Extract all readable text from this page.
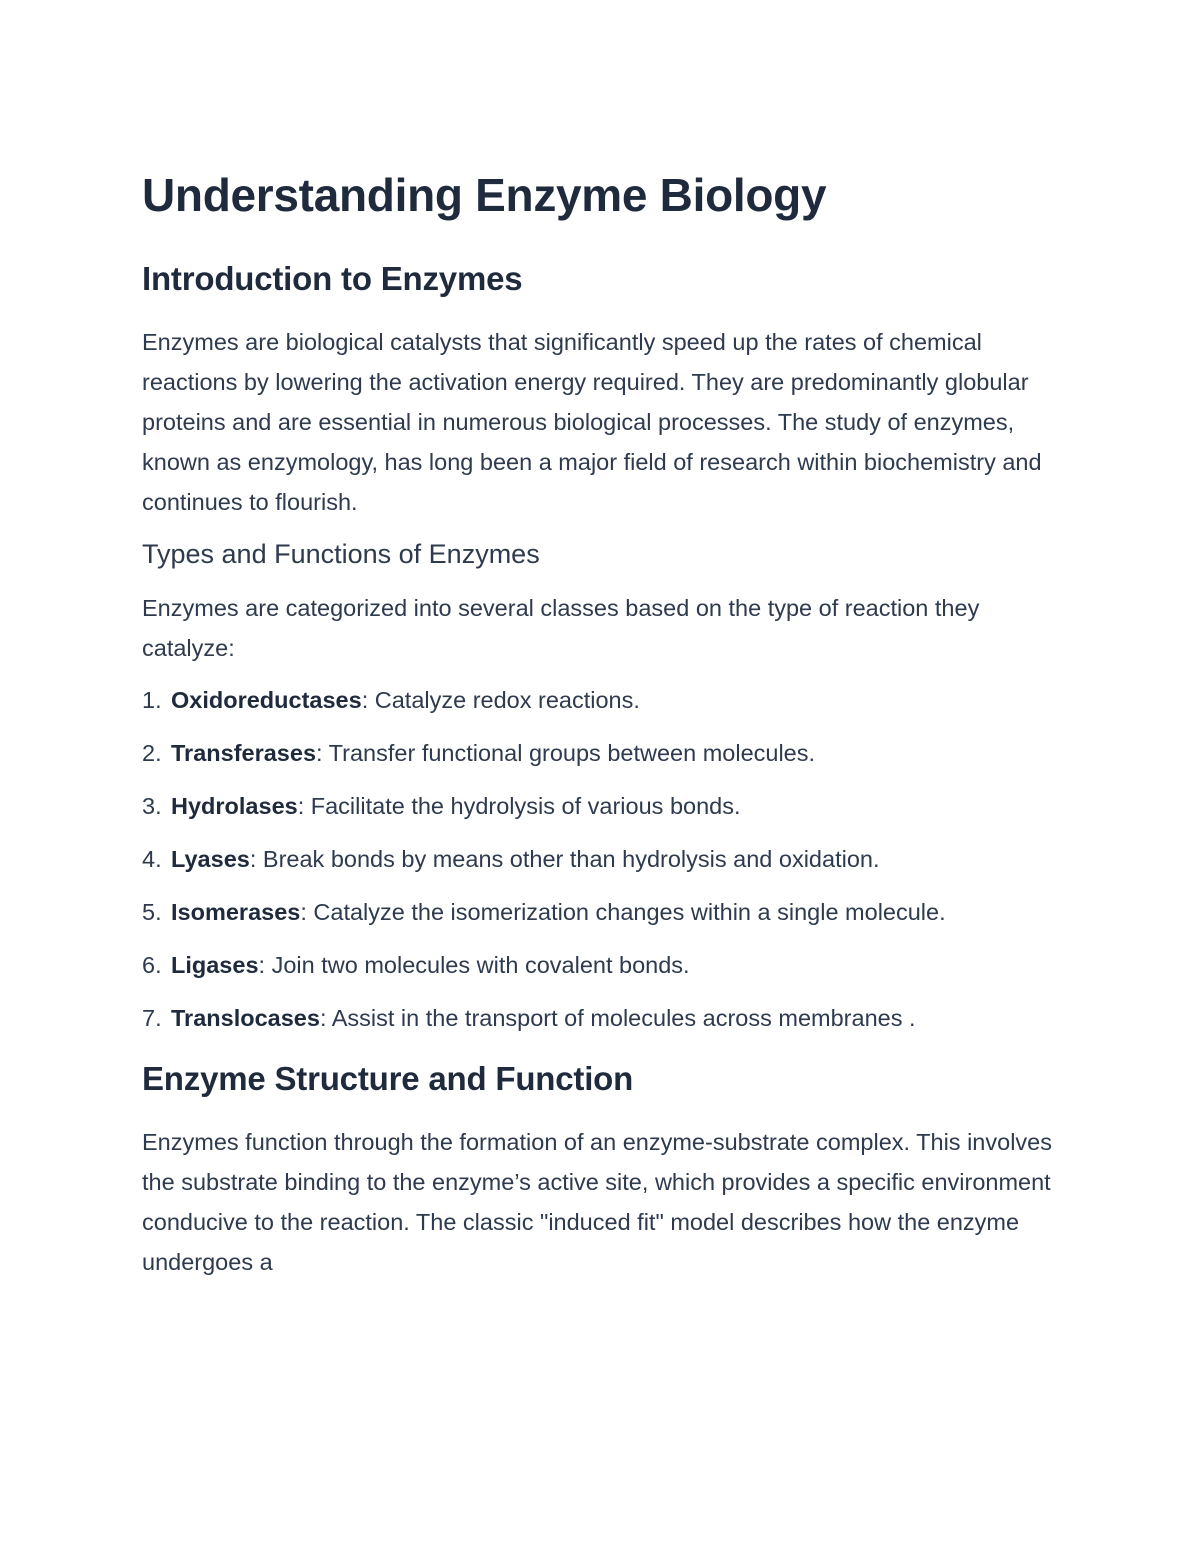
Understanding Enzyme Biology
Introduction to Enzymes

Enzymes are biological catalysts that significantly speed up the rates of chemical reactions by lowering the activation energy required. They are predominantly globular proteins and are essential in numerous biological processes. The study of enzymes, known as enzymology, has long been a major field of research within biochemistry and continues to flourish.

Types and Functions of Enzymes

Enzymes are categorized into several classes based on the type of reaction they catalyze:

1. Oxidoreductases: Catalyze redox reactions.
2. Transferases: Transfer functional groups between molecules.
3. Hydrolases: Facilitate the hydrolysis of various bonds.
4. Lyases: Break bonds by means other than hydrolysis and oxidation.
5. Isomerases: Catalyze the isomerization changes within a single molecule.
6. Ligases: Join two molecules with covalent bonds.
7. Translocases: Assist in the transport of molecules across membranes .
Enzyme Structure and Function

Enzymes function through the formation of an enzyme-substrate complex. This involves the substrate binding to the enzyme’s active site, which provides a specific environment conducive to the reaction. The classic "induced fit" model describes how the enzyme undergoes a
